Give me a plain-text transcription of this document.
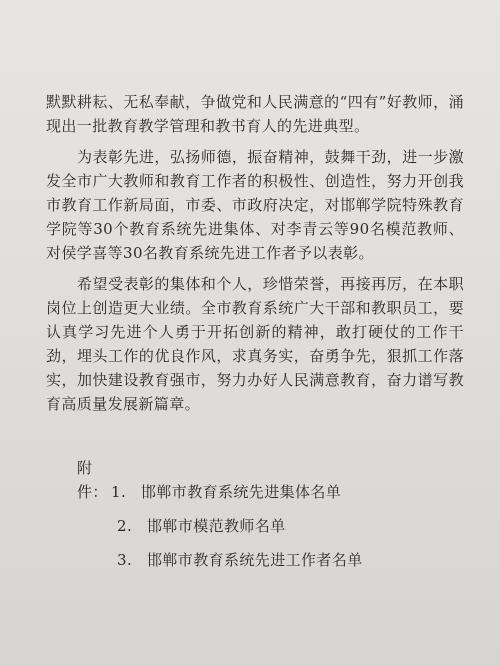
默默耕耘、无私奉献，争做党和人民满意的“四有”好教师，涌现出一批教育教学管理和教书育人的先进典型。

为表彰先进，弘扬师德，振奋精神，鼓舞干劲，进一步激发全市广大教师和教育工作者的积极性、创造性，努力开创我市教育工作新局面，市委、市政府决定，对邯郸学院特殊教育学院等30个教育系统先进集体、对李青云等90名模范教师、对侯学喜等30名教育系统先进工作者予以表彰。

希望受表彰的集体和个人，珍惜荣誉，再接再厉，在本职岗位上创造更大业绩。全市教育系统广大干部和教职员工，要认真学习先进个人勇于开拓创新的精神，敢打硬仗的工作干劲，埋头工作的优良作风，求真务实，奋勇争先，狠抓工作落实，加快建设教育强市，努力办好人民满意教育，奋力谱写教育高质量发展新篇章。

附件： 1. 邯郸市教育系统先进集体名单
2. 邯郸市模范教师名单
3. 邯郸市教育系统先进工作者名单
